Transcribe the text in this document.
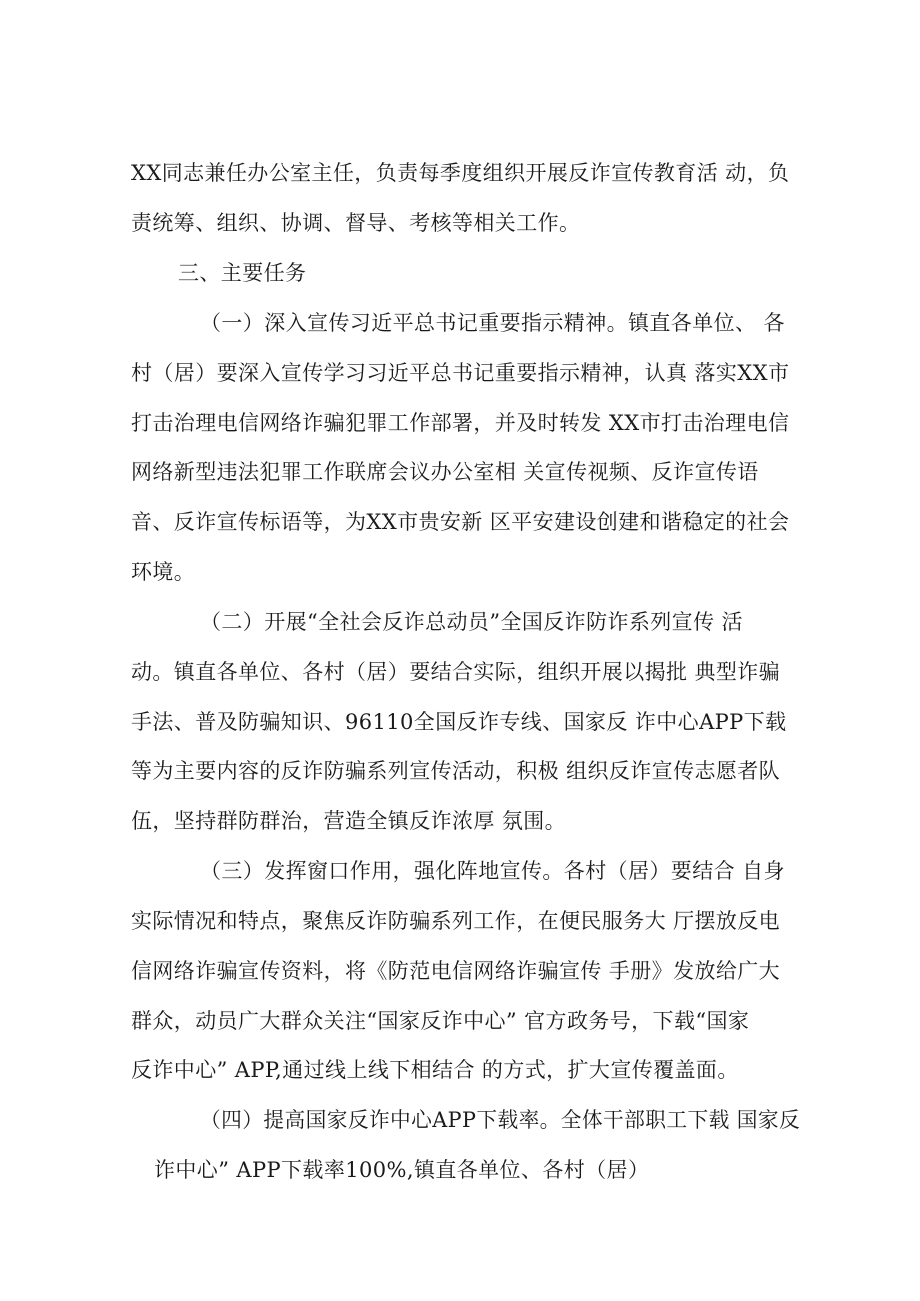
XX同志兼任办公室主任，负责每季度组织开展反诈宣传教育活 动，负
责统筹、组织、协调、督导、考核等相关工作。
三、主要任务
（一）深入宣传习近平总书记重要指示精神。镇直各单位、 各
村（居）要深入宣传学习习近平总书记重要指示精神，认真 落实XX市
打击治理电信网络诈骗犯罪工作部署，并及时转发 XX市打击治理电信
网络新型违法犯罪工作联席会议办公室相 关宣传视频、反诈宣传语
音、反诈宣传标语等，为XX市贵安新 区平安建设创建和谐稳定的社会
环境。
（二）开展“全社会反诈总动员”全国反诈防诈系列宣传 活
动。镇直各单位、各村（居）要结合实际，组织开展以揭批 典型诈骗
手法、普及防骗知识、96110全国反诈专线、国家反 诈中心APP下载
等为主要内容的反诈防骗系列宣传活动，积极 组织反诈宣传志愿者队
伍，坚持群防群治，营造全镇反诈浓厚 氛围。
（三）发挥窗口作用，强化阵地宣传。各村（居）要结合 自身
实际情况和特点，聚焦反诈防骗系列工作，在便民服务大 厅摆放反电
信网络诈骗宣传资料，将《防范电信网络诈骗宣传 手册》发放给广大
群众，动员广大群众关注“国家反诈中心” 官方政务号，下载“国家
反诈中心” APP,通过线上线下相结合 的方式，扩大宣传覆盖面。
（四）提高国家反诈中心APP下载率。全体干部职工下载 国家反
诈中心” APP下载率100%,镇直各单位、各村（居）
